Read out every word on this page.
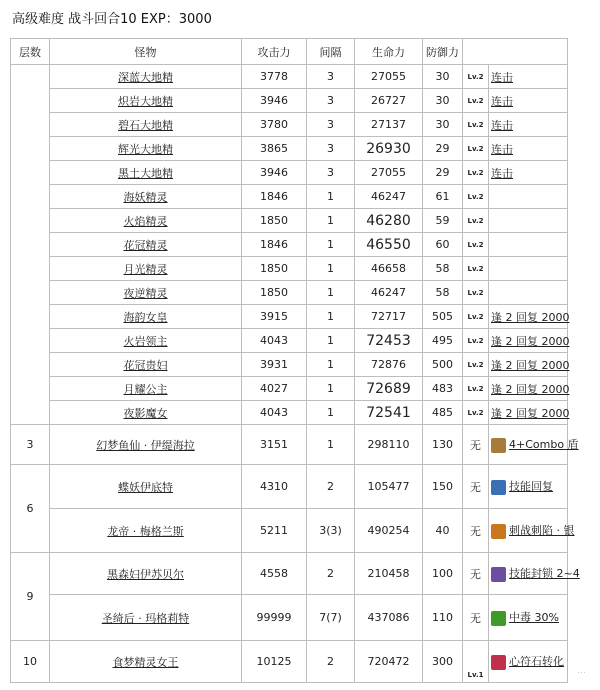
高级难度 战斗回合10 EXP：3000
层数	怪物	攻击力	间隔	生命力	防御力		
	深蓝大地精	3778	3	27055	30	Lv.2	连击
	炽岩大地精	3946	3	26727	30	Lv.2	连击
	碧石大地精	3780	3	27137	30	Lv.2	连击
	辉光大地精	3865	3	26930	29	Lv.2	连击
	黑土大地精	3946	3	27055	29	Lv.2	连击
	海妖精灵	1846	1	46247	61	Lv.2	
	火焰精灵	1850	1	46280	59	Lv.2	
	花冠精灵	1846	1	46550	60	Lv.2	
	月光精灵	1850	1	46658	58	Lv.2	
	夜逆精灵	1850	1	46247	58	Lv.2	
	海韵女皇	3915	1	72717	505	Lv.2	逢 2 回复 2000
	火岩领主	4043	1	72453	495	Lv.2	逢 2 回复 2000
	花冠贵妇	3931	1	72876	500	Lv.2	逢 2 回复 2000
	月耀公主	4027	1	72689	483	Lv.2	逢 2 回复 2000
	夜影魔女	4043	1	72541	485	Lv.2	逢 2 回复 2000
3	幻梦鱼仙 · 伊缇海拉	3151	1	298110	130	无	4+Combo 盾
6	蝶妖伊底特	4310	2	105477	150	无	技能回复
	龙帝 · 梅格兰斯	5211	3(3)	490254	40	无	刺战刺陷 · 银
9	黑森妇伊苏贝尔	4558	2	210458	100	无	技能封锁 2~4
	圣绮后 · 玛格莉特	99999	7(7)	437086	110	无	中毒 30%
10	食梦精灵女王	10125	2	720472	300	Lv.1	心符石转化
…
